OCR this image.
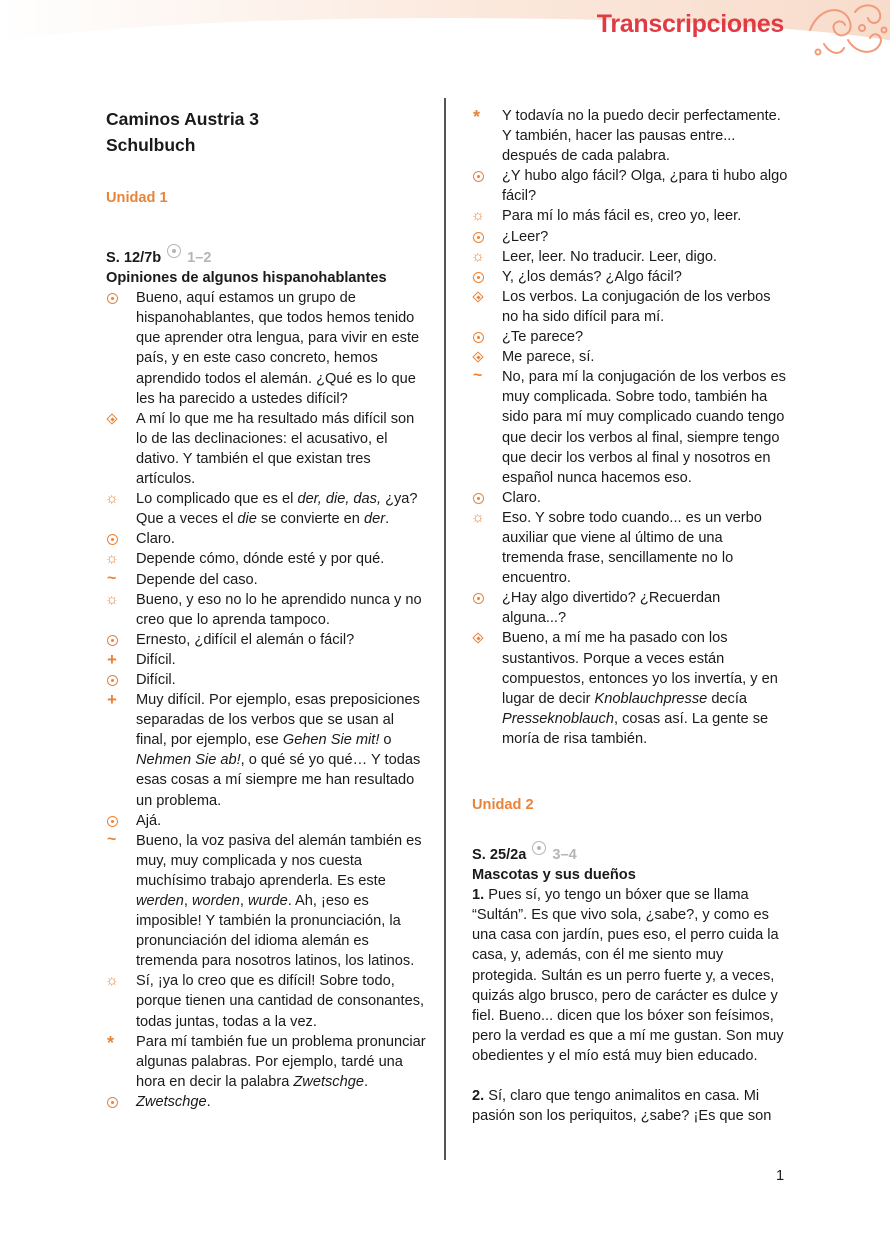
Transcripciones
Caminos Austria 3
Schulbuch
Unidad 1
S. 12/7b 1–2
Opiniones de algunos hispanohablantes
Bueno, aquí estamos un grupo de hispanohablantes, que todos hemos tenido que aprender otra lengua, para vivir en este país, y en este caso concreto, hemos aprendido todos el alemán. ¿Qué es lo que les ha parecido a ustedes difícil?
A mí lo que me ha resultado más difícil son lo de las declinaciones: el acusativo, el dativo. Y también el que existan tres artículos.
☼
Lo complicado que es el der, die, das, ¿ya? Que a veces el die se convierte en der.
Claro.
☼
Depende cómo, dónde esté y por qué.
~
Depende del caso.
☼
Bueno, y eso no lo he aprendido nunca y no creo que lo aprenda tampoco.
Ernesto, ¿difícil el alemán o fácil?
+
Difícil.
Difícil.
+
Muy difícil. Por ejemplo, esas preposiciones separadas de los verbos que se usan al final, por ejemplo, ese Gehen Sie mit! o Nehmen Sie ab!, o qué sé yo qué… Y todas esas cosas a mí siempre me han resultado un problema.
Ajá.
~
Bueno, la voz pasiva del alemán también es muy, muy complicada y nos cuesta muchísimo trabajo aprenderla. Es este werden, worden, wurde. Ah, ¡eso es imposible! Y también la pronunciación, la pronunciación del idioma alemán es tremenda para nosotros latinos, los latinos.
☼
Sí, ¡ya lo creo que es difícil! Sobre todo, porque tienen una cantidad de consonantes, todas juntas, todas a la vez.
*
Para mí también fue un problema pronunciar algunas palabras. Por ejemplo, tardé una hora en decir la palabra Zwetschge.
Zwetschge.
*
Y todavía no la puedo decir perfectamente. Y también, hacer las pausas entre... después de cada palabra.
¿Y hubo algo fácil? Olga, ¿para ti hubo algo fácil?
☼
Para mí lo más fácil es, creo yo, leer.
¿Leer?
☼
Leer, leer. No traducir. Leer, digo.
Y, ¿los demás? ¿Algo fácil?
Los verbos. La conjugación de los verbos no ha sido difícil para mí.
¿Te parece?
Me parece, sí.
~
No, para mí la conjugación de los verbos es muy complicada. Sobre todo, también ha sido para mí muy complicado cuando tengo que decir los verbos al final, siempre tengo que decir los verbos al final y nosotros en español nunca hacemos eso.
Claro.
☼
Eso. Y sobre todo cuando... es un verbo auxiliar que viene al último de una tremenda frase, sencillamente no lo encuentro.
¿Hay algo divertido? ¿Recuerdan alguna...?
Bueno, a mí me ha pasado con los sustantivos. Porque a veces están compuestos, entonces yo los invertía, y en lugar de decir Knoblauchpresse decía Presseknoblauch, cosas así. La gente se moría de risa también.
Unidad 2
S. 25/2a 3–4
Mascotas y sus dueños
1. Pues sí, yo tengo un bóxer que se llama “Sultán”. Es que vivo sola, ¿sabe?, y como es una casa con jardín, pues eso, el perro cuida la casa, y, además, con él me siento muy protegida. Sultán es un perro fuerte y, a veces, quizás algo brusco, pero de carácter es dulce y fiel. Bueno... dicen que los bóxer son feísimos, pero la verdad es que a mí me gustan. Son muy obedientes y el mío está muy bien educado.
2. Sí, claro que tengo animalitos en casa. Mi pasión son los periquitos, ¿sabe? ¡Es que son
1
